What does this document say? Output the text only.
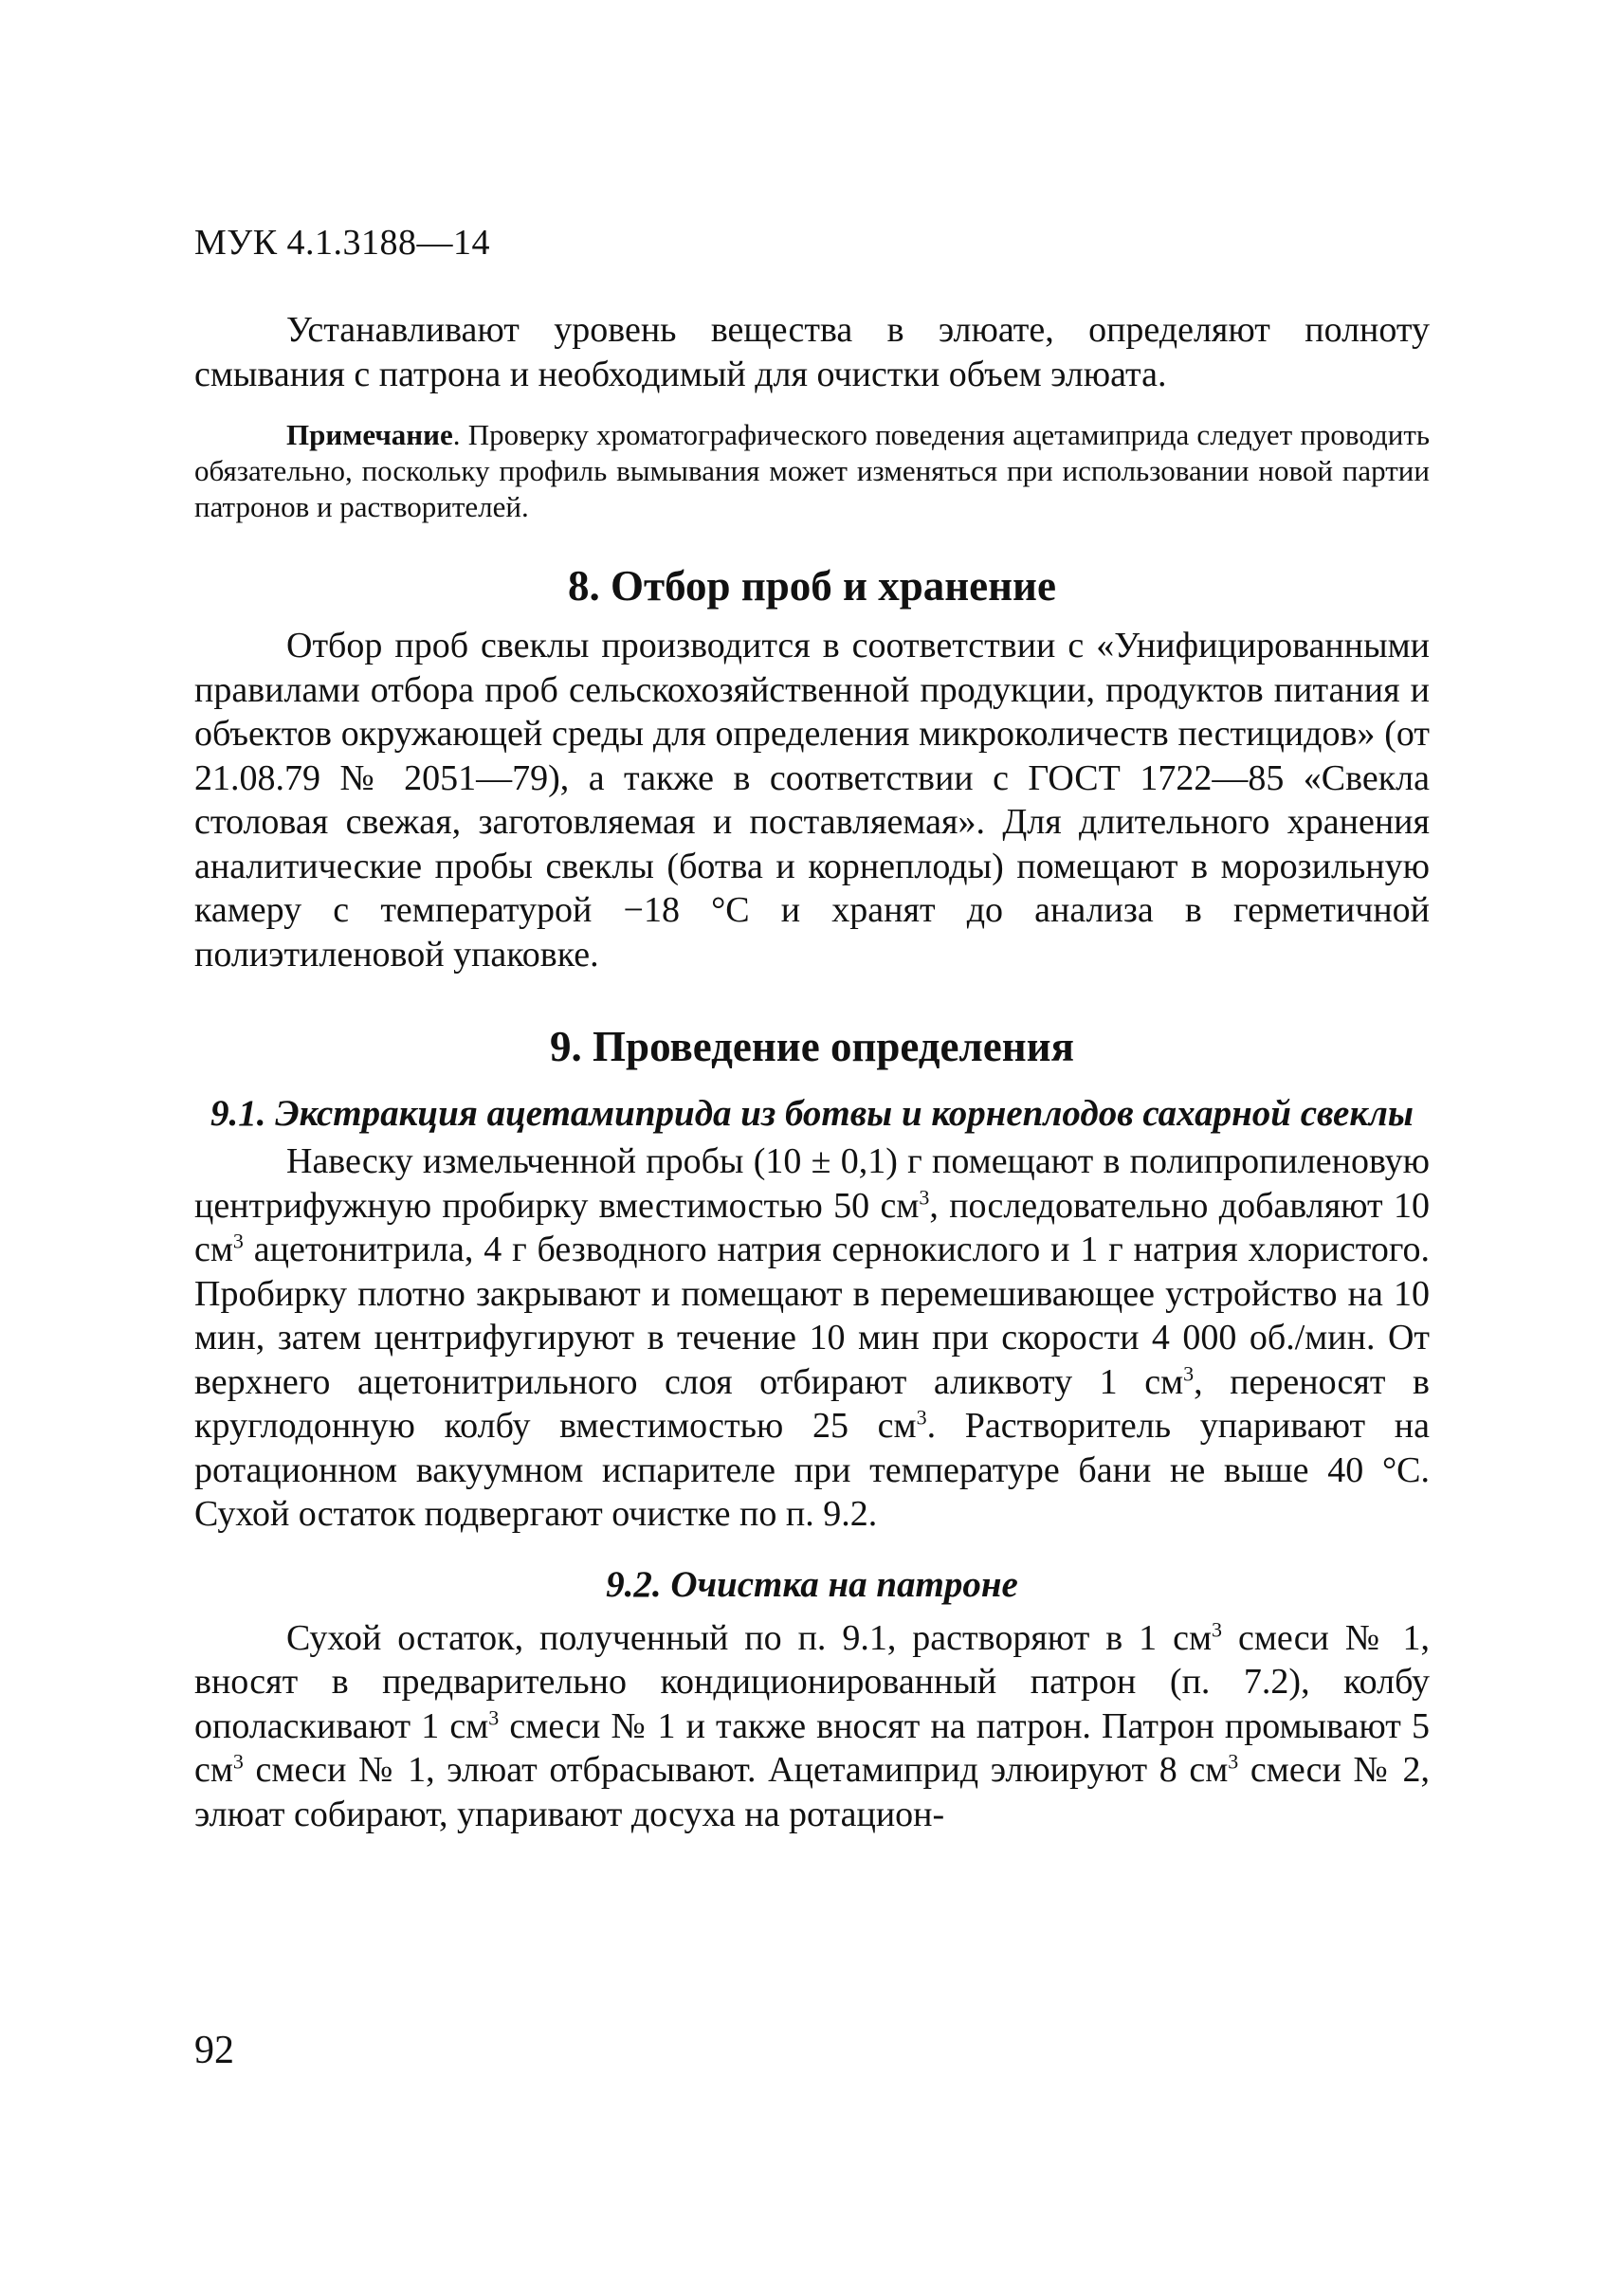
МУК 4.1.3188—14

Устанавливают уровень вещества в элюате, определяют полноту смывания с патрона и необходимый для очистки объем элюата.

Примечание. Проверку хроматографического поведения ацетамиприда следует проводить обязательно, поскольку профиль вымывания может изменяться при использовании новой партии патронов и растворителей.

8. Отбор проб и хранение

Отбор проб свеклы производится в соответствии с «Унифицированными правилами отбора проб сельскохозяйственной продукции, продуктов питания и объектов окружающей среды для определения микроколичеств пестицидов» (от 21.08.79 № 2051—79), а также в соответствии с ГОСТ 1722—85 «Свекла столовая свежая, заготовляемая и поставляемая». Для длительного хранения аналитические пробы свеклы (ботва и корнеплоды) помещают в морозильную камеру с температурой −18 °С и хранят до анализа в герметичной полиэтиленовой упаковке.

9. Проведение определения
9.1. Экстракция ацетамиприда из ботвы и корнеплодов сахарной свеклы

Навеску измельченной пробы (10 ± 0,1) г помещают в полипропиленовую центрифужную пробирку вместимостью 50 $см^3$, последовательно добавляют 10 $см^3$ ацетонитрила, 4 г безводного натрия сернокислого и 1 г натрия хлористого. Пробирку плотно закрывают и помещают в перемешивающее устройство на 10 мин, затем центрифугируют в течение 10 мин при скорости 4 000 об./мин. От верхнего ацетонитрильного слоя отбирают аликвоту 1 $см^3$, переносят в круглодонную колбу вместимостью 25 $см^3$. Растворитель упаривают на ротационном вакуумном испарителе при температуре бани не выше 40 °С. Сухой остаток подвергают очистке по п. 9.2.

9.2. Очистка на патроне

Сухой остаток, полученный по п. 9.1, растворяют в 1 $см^3$ смеси № 1, вносят в предварительно кондиционированный патрон (п. 7.2), колбу ополаскивают 1 $см^3$ смеси № 1 и также вносят на патрон. Патрон промывают 5 $см^3$ смеси № 1, элюат отбрасывают. Ацетамиприд элюируют 8 $см^3$ смеси № 2, элюат собирают, упаривают досуха на ротацион-

92
